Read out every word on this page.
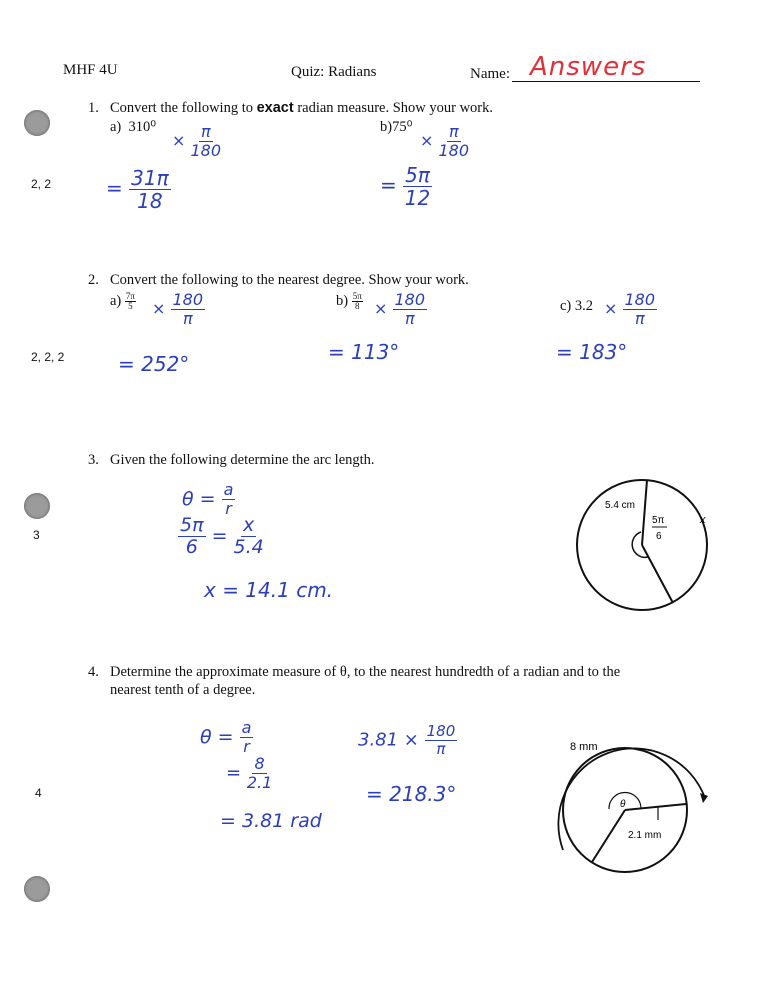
MHF 4U	Quiz: Radians	Name: Answers
2, 2
2, 2, 2
3
4
1. Convert the following to exact radian measure. Show your work.
a) 310⁰
× $\frac{\pi}{180}$
= $\frac{31\pi}{18}$
b)75⁰
× $\frac{\pi}{180}$
= $\frac{5\pi}{12}$
2. Convert the following to the nearest degree. Show your work.
$a) \frac{7\pi}{5} \times \frac{180}{\pi}$
= 252°
$b) \frac{5\pi}{8} \times \frac{180}{\pi}$
= 113°
c) $3.2 \times \frac{180}{\pi}$
= 183°
3. Given the following determine the arc length.
$\theta = \frac{a}{r}$
$\frac{5\pi}{6} = \frac{x}{5.4}$
x = 14.1 cm.
5.4 cm
5π
6
x
4. Determine the approximate measure of θ, to the nearest hundredth of a radian and to the
nearest tenth of a degree.
$\theta = \frac{a}{r}$
= $\frac{8}{2.1}$
= 3.81 rad
$3.81 \times \frac{180}{\pi}$
= 218.3°
8 mm
θ
2.1 mm
